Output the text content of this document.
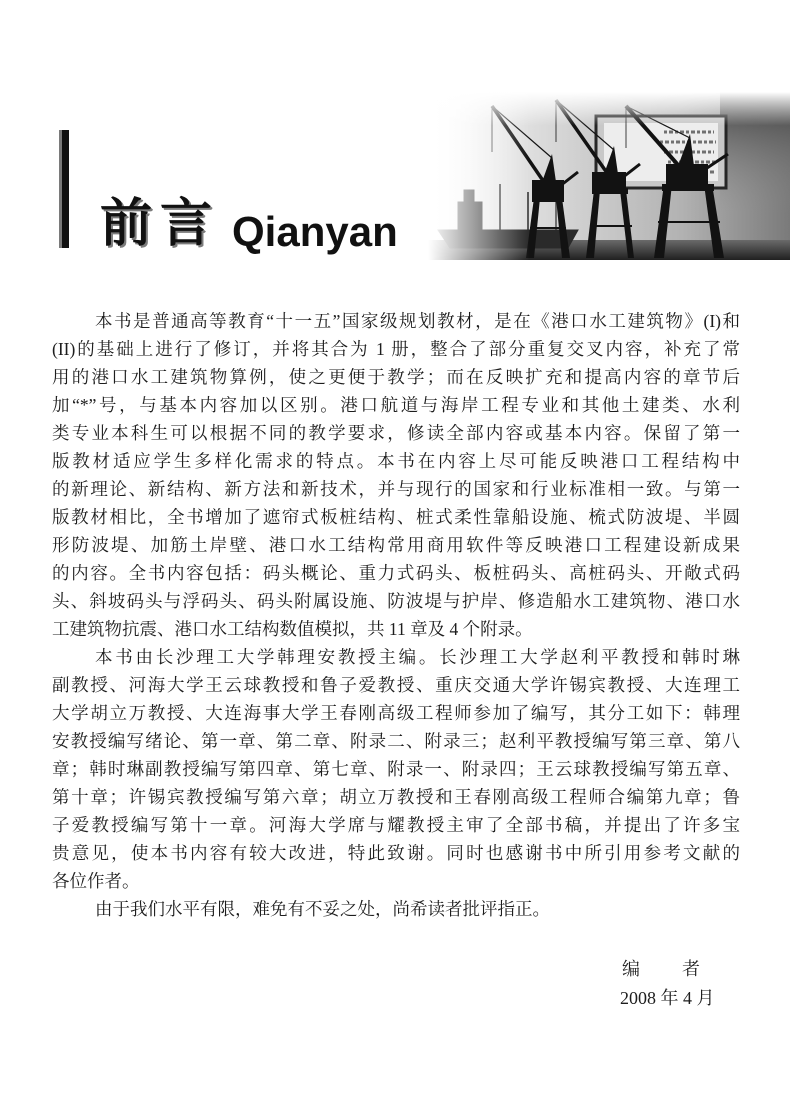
前言 Qianyan
本书是普通高等教育“十一五”国家级规划教材，是在《港口水工建筑物》(I)和
(II)的基础上进行了修订，并将其合为 1 册，整合了部分重复交叉内容，补充了常
用的港口水工建筑物算例，使之更便于教学；而在反映扩充和提高内容的章节后
加“*”号，与基本内容加以区别。港口航道与海岸工程专业和其他土建类、水利
类专业本科生可以根据不同的教学要求，修读全部内容或基本内容。保留了第一
版教材适应学生多样化需求的特点。本书在内容上尽可能反映港口工程结构中
的新理论、新结构、新方法和新技术，并与现行的国家和行业标准相一致。与第一
版教材相比，全书增加了遮帘式板桩结构、桩式柔性靠船设施、梳式防波堤、半圆
形防波堤、加筋土岸壁、港口水工结构常用商用软件等反映港口工程建设新成果
的内容。全书内容包括：码头概论、重力式码头、板桩码头、高桩码头、开敞式码
头、斜坡码头与浮码头、码头附属设施、防波堤与护岸、修造船水工建筑物、港口水
工建筑物抗震、港口水工结构数值模拟，共 11 章及 4 个附录。
本书由长沙理工大学韩理安教授主编。长沙理工大学赵利平教授和韩时琳
副教授、河海大学王云球教授和鲁子爱教授、重庆交通大学许锡宾教授、大连理工
大学胡立万教授、大连海事大学王春刚高级工程师参加了编写，其分工如下：韩理
安教授编写绪论、第一章、第二章、附录二、附录三；赵利平教授编写第三章、第八
章；韩时琳副教授编写第四章、第七章、附录一、附录四；王云球教授编写第五章、
第十章；许锡宾教授编写第六章；胡立万教授和王春刚高级工程师合编第九章；鲁
子爱教授编写第十一章。河海大学席与耀教授主审了全部书稿，并提出了许多宝
贵意见，使本书内容有较大改进，特此致谢。同时也感谢书中所引用参考文献的
各位作者。
由于我们水平有限，难免有不妥之处，尚希读者批评指正。
编　者
2008 年 4 月
